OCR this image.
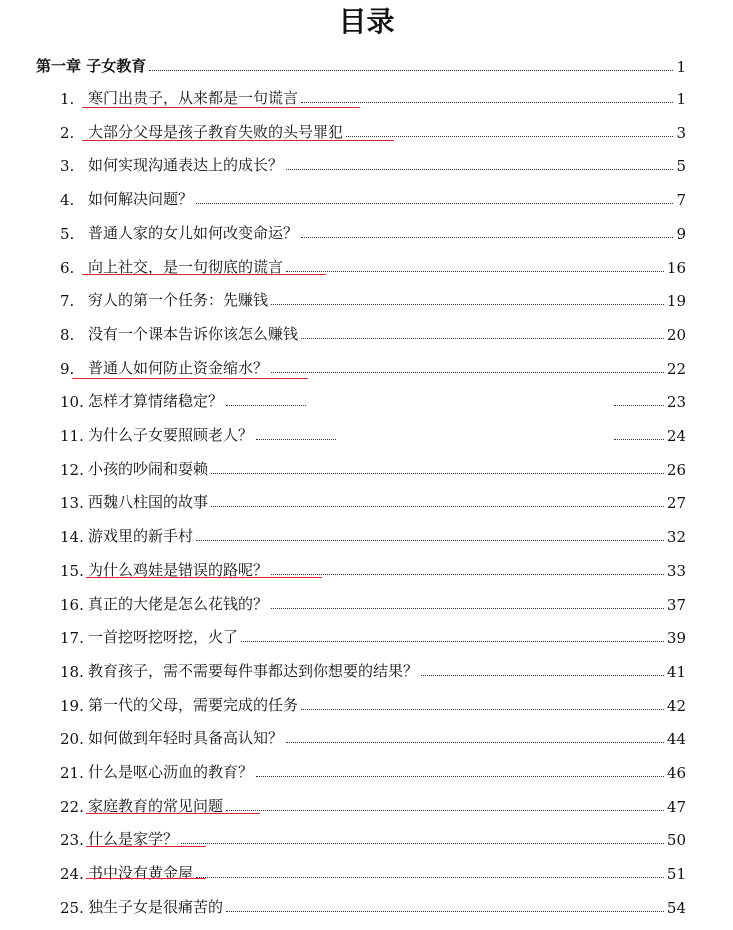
目录
第一章 子女教育	1
1. 寒门出贵子，从来都是一句谎言	1
2. 大部分父母是孩子教育失败的头号罪犯	3
3. 如何实现沟通表达上的成长？	5
4. 如何解决问题？	7
5. 普通人家的女儿如何改变命运？	9
6. 向上社交，是一句彻底的谎言	16
7. 穷人的第一个任务：先赚钱	19
8. 没有一个课本告诉你该怎么赚钱	20
9. 普通人如何防止资金缩水？	22
10. 怎样才算情绪稳定？	23
11. 为什么子女要照顾老人？	24
12. 小孩的吵闹和耍赖	26
13. 西魏八柱国的故事	27
14. 游戏里的新手村	32
15. 为什么鸡娃是错误的路呢？	33
16. 真正的大佬是怎么花钱的？	37
17. 一首挖呀挖呀挖，火了	39
18. 教育孩子，需不需要每件事都达到你想要的结果？	41
19. 第一代的父母，需要完成的任务	42
20. 如何做到年轻时具备高认知？	44
21. 什么是呕心沥血的教育？	46
22. 家庭教育的常见问题	47
23. 什么是家学？	50
24. 书中没有黄金屋	51
25. 独生子女是很痛苦的	54
